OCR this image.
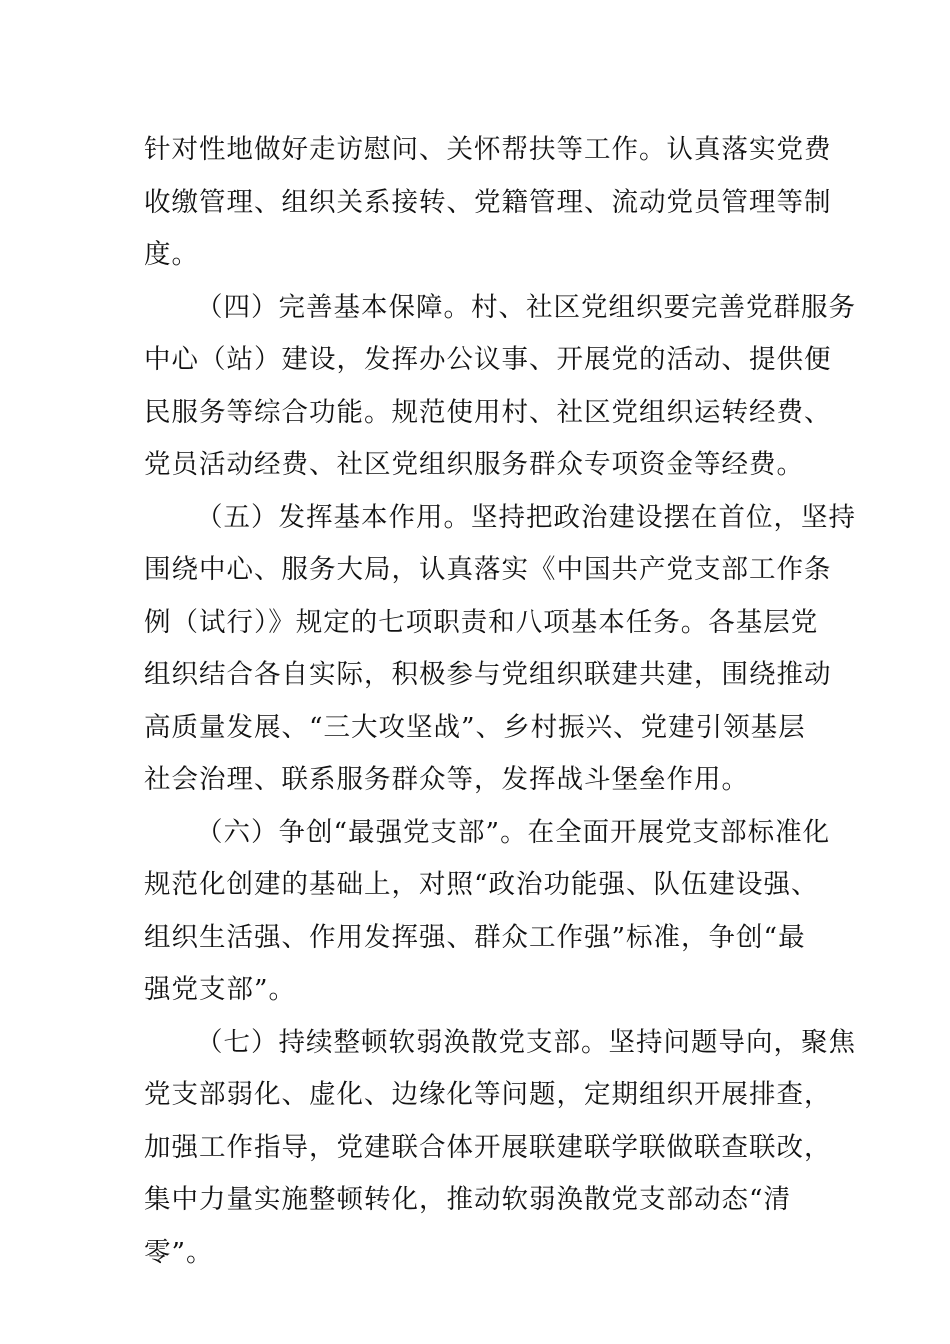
针对性地做好走访慰问、关怀帮扶等工作。认真落实党费
收缴管理、组织关系接转、党籍管理、流动党员管理等制
度。
（四）完善基本保障。村、社区党组织要完善党群服务
中心（站）建设，发挥办公议事、开展党的活动、提供便
民服务等综合功能。规范使用村、社区党组织运转经费、
党员活动经费、社区党组织服务群众专项资金等经费。
（五）发挥基本作用。坚持把政治建设摆在首位，坚持
围绕中心、服务大局，认真落实《中国共产党支部工作条
例（试行）》规定的七项职责和八项基本任务。各基层党
组织结合各自实际，积极参与党组织联建共建，围绕推动
高质量发展、“三大攻坚战”、乡村振兴、党建引领基层
社会治理、联系服务群众等，发挥战斗堡垒作用。
（六）争创“最强党支部”。在全面开展党支部标准化
规范化创建的基础上，对照“政治功能强、队伍建设强、
组织生活强、作用发挥强、群众工作强”标准，争创“最
强党支部”。
（七）持续整顿软弱涣散党支部。坚持问题导向，聚焦
党支部弱化、虚化、边缘化等问题，定期组织开展排查，
加强工作指导，党建联合体开展联建联学联做联查联改，
集中力量实施整顿转化，推动软弱涣散党支部动态“清
零”。
